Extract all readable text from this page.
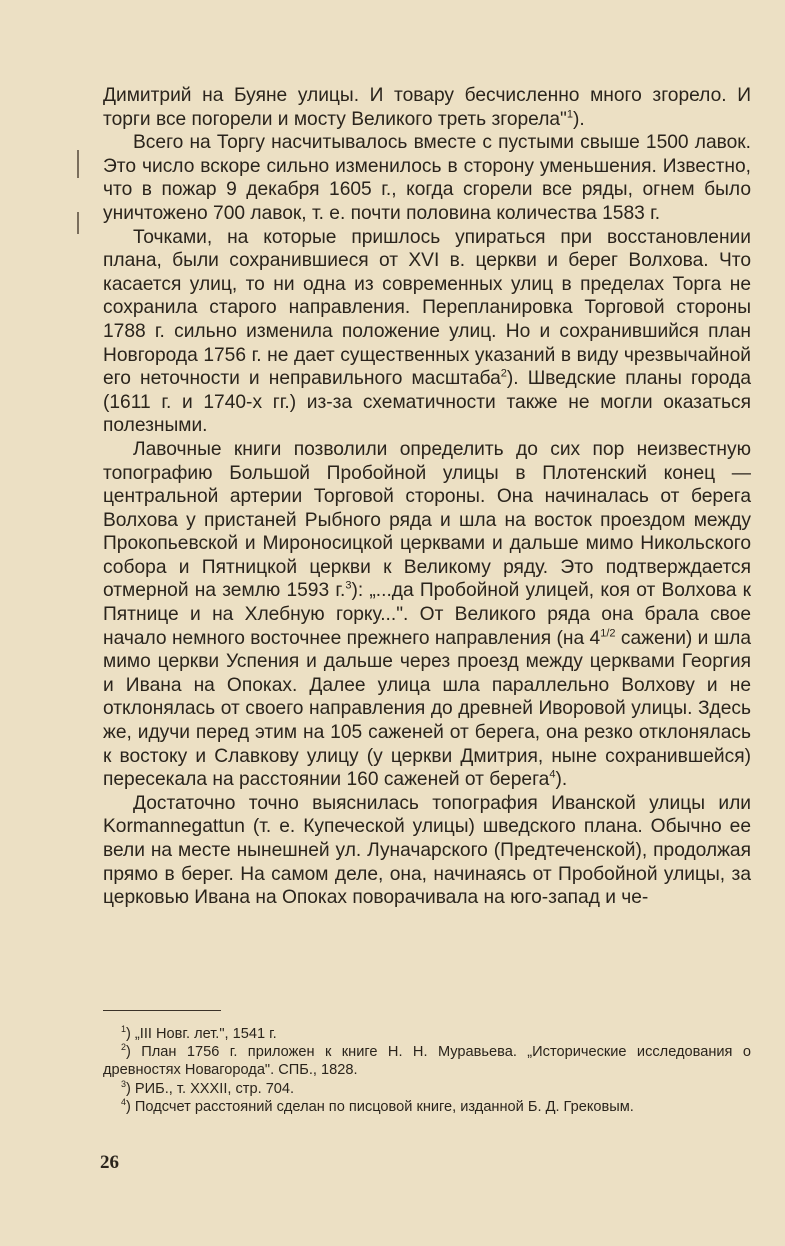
Димитрий на Буяне улицы. И товару бесчисленно много згорело. И торги все погорели и мосту Великого треть згорела"$^1$).

Всего на Торгу насчитывалось вместе с пустыми свыше 1500 лавок. Это число вскоре сильно изменилось в сторону уменьшения. Известно, что в пожар 9 декабря 1605 г., когда сгорели все ряды, огнем было уничтожено 700 лавок, т. е. почти половина количества 1583 г.

Точками, на которые пришлось упираться при восстановлении плана, были сохранившиеся от XVI в. церкви и берег Волхова. Что касается улиц, то ни одна из современных улиц в пределах Торга не сохранила старого направления. Перепланировка Торговой стороны 1788 г. сильно изменила положение улиц. Но и сохранившийся план Новгорода 1756 г. не дает существенных указаний в виду чрезвычайной его неточности и неправильного масштаба$^2$). Шведские планы города (1611 г. и 1740-х гг.) из-за схематичности также не могли оказаться полезными.

Лавочные книги позволили определить до сих пор неизвестную топографию Большой Пробойной улицы в Плотенский конец — центральной артерии Торговой стороны. Она начиналась от берега Волхова у пристаней Рыбного ряда и шла на восток проездом между Прокопьевской и Мироносицкой церквами и дальше мимо Никольского собора и Пятницкой церкви к Великому ряду. Это подтверждается отмерной на землю 1593 г.$^3$): „...да Пробойной улицей, коя от Волхова к Пятнице и на Хлебную горку...". От Великого ряда она брала свое начало немного восточнее прежнего направления (на $4^{1/2}$ сажени) и шла мимо церкви Успения и дальше через проезд между церквами Георгия и Ивана на Опоках. Далее улица шла параллельно Волхову и не отклонялась от своего направления до древней Иворовой улицы. Здесь же, идучи перед этим на 105 саженей от берега, она резко отклонялась к востоку и Славкову улицу (у церкви Дмитрия, ныне сохранившейся) пересекала на расстоянии 160 саженей от берега$^4$).

Достаточно точно выяснилась топография Иванской улицы или Kormannegattun (т. е. Купеческой улицы) шведского плана. Обычно ее вели на месте нынешней ул. Луначарского (Предтеченской), продолжая прямо в берег. На самом деле, она, начинаясь от Пробойной улицы, за церковью Ивана на Опоках поворачивала на юго-запад и че-

$^1$) „III Новг. лет.", 1541 г.

$^2$) План 1756 г. приложен к книге Н. Н. Муравьева. „Исторические исследования о древностях Новагорода". СПБ., 1828.

$^3$) РИБ., т. XXXII, стр. 704.

$^4$) Подсчет расстояний сделан по писцовой книге, изданной Б. Д. Грековым.

26
